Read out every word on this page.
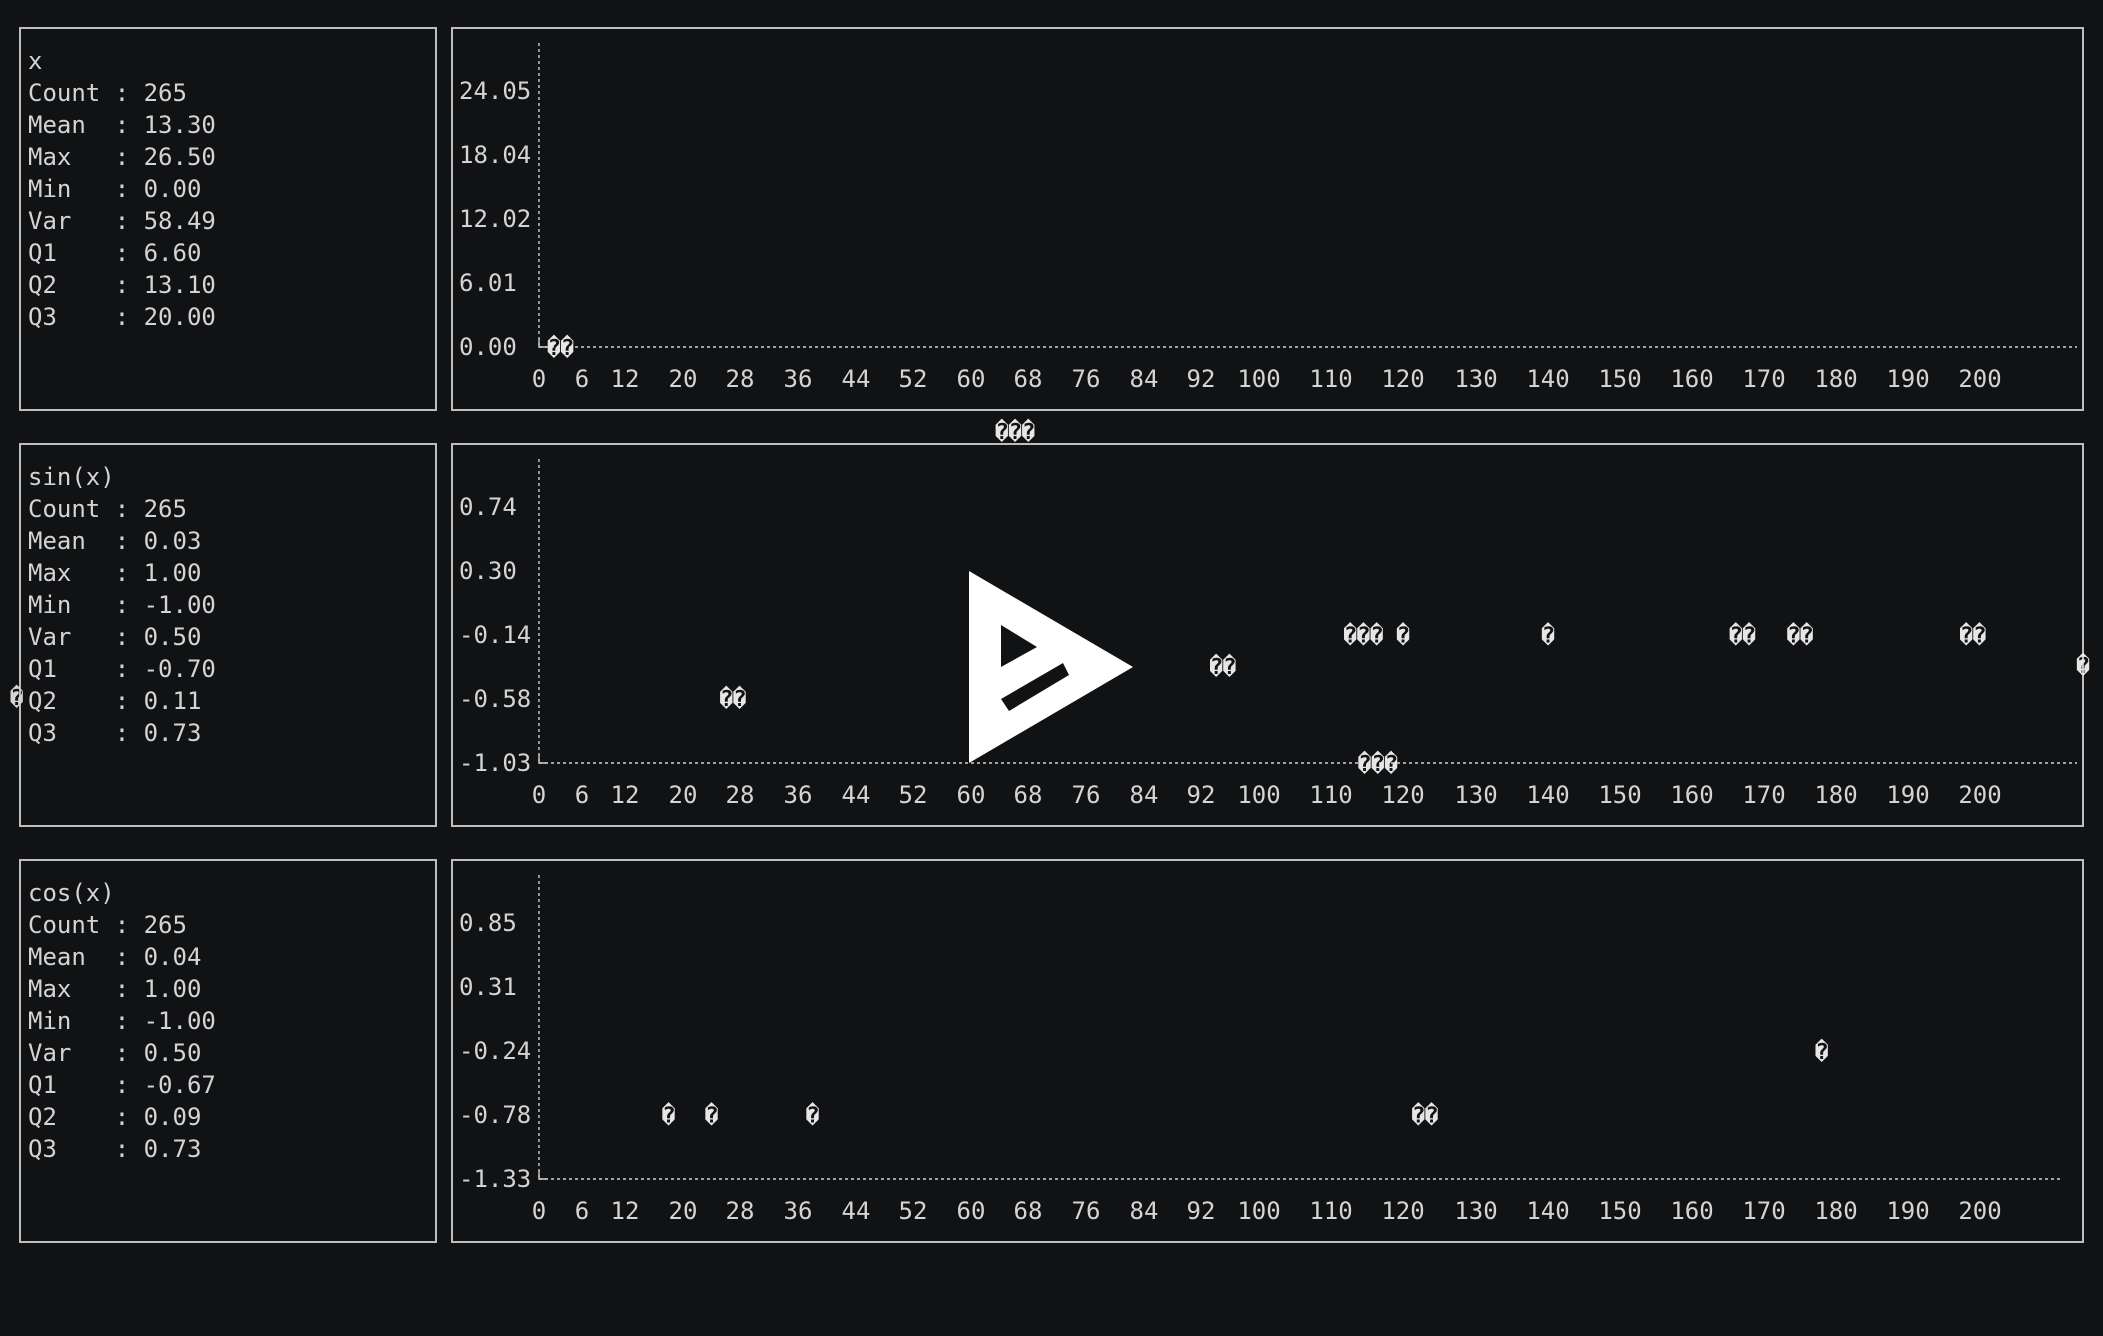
x
Count : 265
Mean  : 13.30
Max   : 26.50
Min   : 0.00
Var   : 58.49
Q1    : 6.60
Q2    : 13.10
Q3    : 20.00
24.05
18.04
12.02
6.01
0.00
0 6 12 20 28 36 44 52 60 68 76 84 92 100 110 120 130 140 150 160 170 180 190 200
��
sin(x)
Count : 265
Mean  : 0.03
Max   : 1.00
Min   : -1.00
Var   : 0.50
Q1    : -0.70
Q2    : 0.11
Q3    : 0.73
�
0.74
0.30
-0.14
-0.58
-1.03
0 6 12 20 28 36 44 52 60 68 76 84 92 100 110 120 130 140 150 160 170 180 190 200
��
��
��� �	�	�� ��	��
���
���
�
cos(x)
Count : 265
Mean  : 0.04
Max   : 1.00
Min   : -1.00
Var   : 0.50
Q1    : -0.67
Q2    : 0.09
Q3    : 0.73
0.85
0.31
-0.24
-0.78
-1.33
0 6 12 20 28 36 44 52 60 68 76 84 92 100 110 120 130 140 150 160 170 180 190 200
� �	�	��
�
